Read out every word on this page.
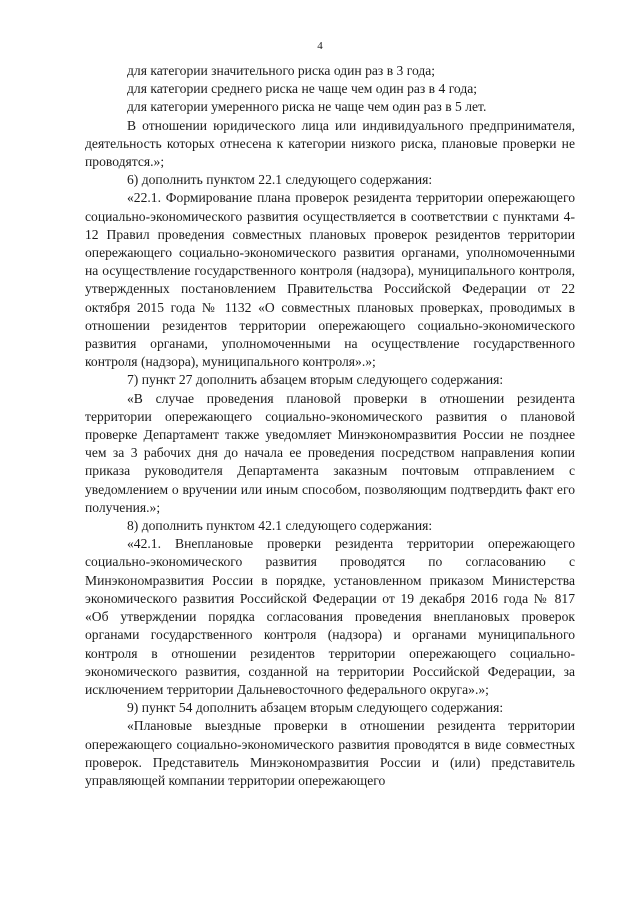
4

для категории значительного риска один раз в 3 года;

для категории среднего риска не чаще чем один раз в 4 года;

для категории умеренного риска не чаще чем один раз в 5 лет.

В отношении юридического лица или индивидуального предпринимателя, деятельность которых отнесена к категории низкого риска, плановые проверки не проводятся.»;

6) дополнить пунктом 22.1 следующего содержания:

«22.1. Формирование плана проверок резидента территории опережающего социально-экономического развития осуществляется в соответствии с пунктами 4-12 Правил проведения совместных плановых проверок резидентов территории опережающего социально-экономического развития органами, уполномоченными на осуществление государственного контроля (надзора), муниципального контроля, утвержденных постановлением Правительства Российской Федерации от 22 октября 2015 года № 1132 «О совместных плановых проверках, проводимых в отношении резидентов территории опережающего социально-экономического развития органами, уполномоченными на осуществление государственного контроля (надзора), муниципального контроля».»;

7) пункт 27 дополнить абзацем вторым следующего содержания:

«В случае проведения плановой проверки в отношении резидента территории опережающего социально-экономического развития о плановой проверке Департамент также уведомляет Минэкономразвития России не позднее чем за 3 рабочих дня до начала ее проведения посредством направления копии приказа руководителя Департамента заказным почтовым отправлением с уведомлением о вручении или иным способом, позволяющим подтвердить факт его получения.»;

8) дополнить пунктом 42.1 следующего содержания:

«42.1. Внеплановые проверки резидента территории опережающего социально-экономического развития проводятся по согласованию с Минэкономразвития России в порядке, установленном приказом Министерства экономического развития Российской Федерации от 19 декабря 2016 года № 817 «Об утверждении порядка согласования проведения внеплановых проверок органами государственного контроля (надзора) и органами муниципального контроля в отношении резидентов территории опережающего социально-экономического развития, созданной на территории Российской Федерации, за исключением территории Дальневосточного федерального округа».»;

9) пункт 54 дополнить абзацем вторым следующего содержания:

«Плановые выездные проверки в отношении резидента территории опережающего социально-экономического развития проводятся в виде совместных проверок. Представитель Минэкономразвития России и (или) представитель управляющей компании территории опережающего
